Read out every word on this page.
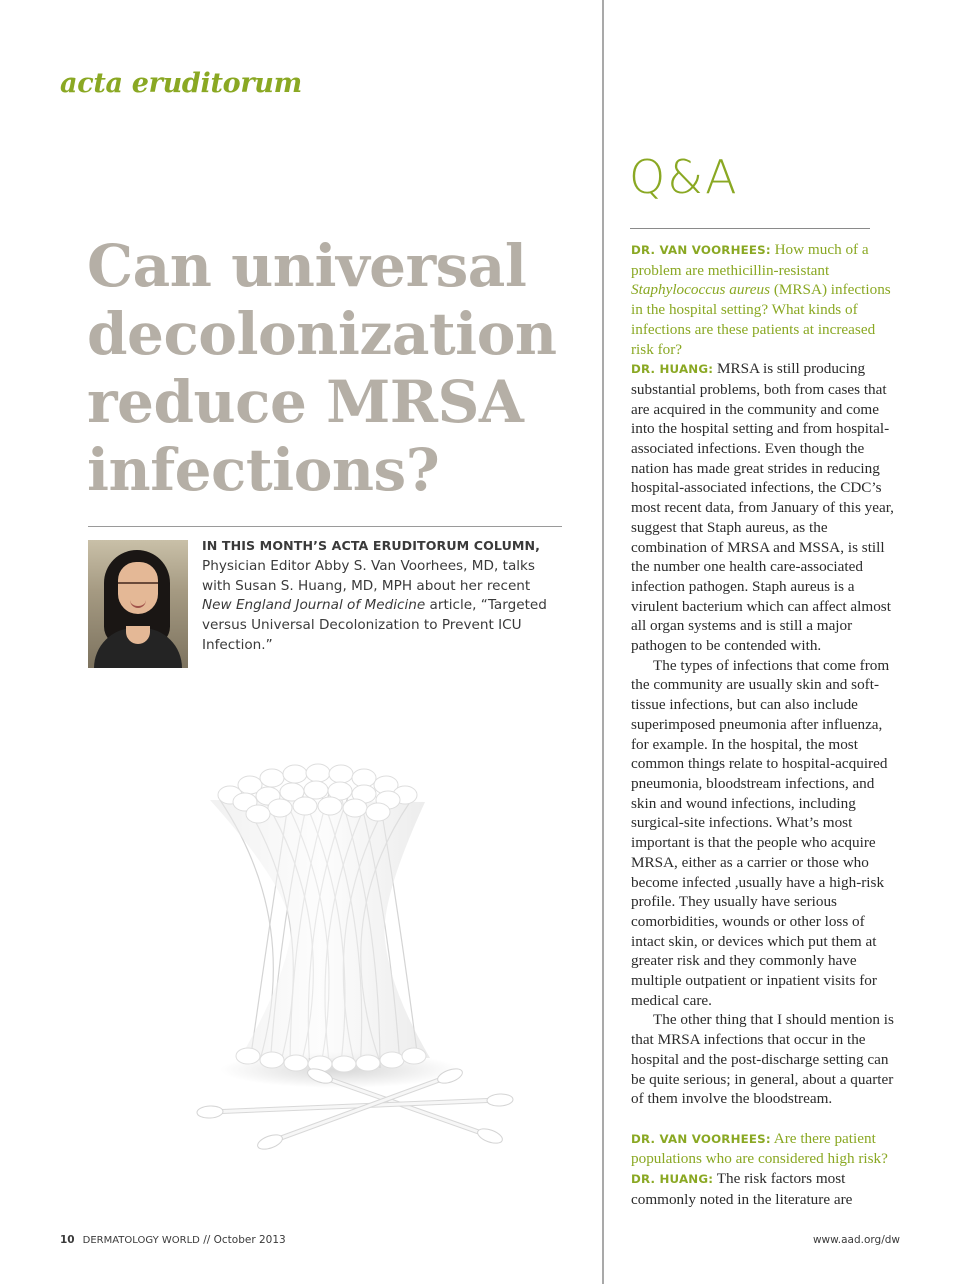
acta eruditorum
Can universal
decolonization
reduce MRSA
infections?
IN THIS MONTH’S ACTA ERUDITORUM COLUMN, Physician Editor Abby S. Van Voorhees, MD, talks with Susan S. Huang, MD, MPH about her recent New England Journal of Medicine article, “Targeted versus Universal Decolonization to Prevent ICU Infection.”
Q&A

DR. VAN VOORHEES: How much of a problem are methicillin-resistant Staphylococcus aureus (MRSA) infections in the hospital setting? What kinds of infections are these patients at increased risk for?

DR. HUANG: MRSA is still producing substantial problems, both from cases that are acquired in the community and come into the hospital setting and from hospital-associated infections. Even though the nation has made great strides in reducing hospital-associated infections, the CDC’s most recent data, from January of this year, suggest that Staph aureus, as the combination of MRSA and MSSA, is still the number one health care-associated infection pathogen. Staph aureus is a virulent bacterium which can affect almost all organ systems and is still a major pathogen to be contended with.

The types of infections that come from the community are usually skin and soft-tissue infections, but can also include superimposed pneumonia after influenza, for example. In the hospital, the most common things relate to hospital-acquired pneumonia, bloodstream infections, and skin and wound infections, including surgical-site infections. What’s most important is that the people who acquire MRSA, either as a carrier or those who become infected ,usually have a high-risk profile. They usually have serious comorbidities, wounds or other loss of intact skin, or devices which put them at greater risk and they commonly have multiple outpatient or inpatient visits for medical care.

The other thing that I should mention is that MRSA infections that occur in the hospital and the post-discharge setting can be quite serious; in general, about a quarter of them involve the bloodstream.

DR. VAN VOORHEES: Are there patient populations who are considered high risk?

DR. HUANG: The risk factors most commonly noted in the literature are

10 DERMATOLOGY WORLD // October 2013	www.aad.org/dw
